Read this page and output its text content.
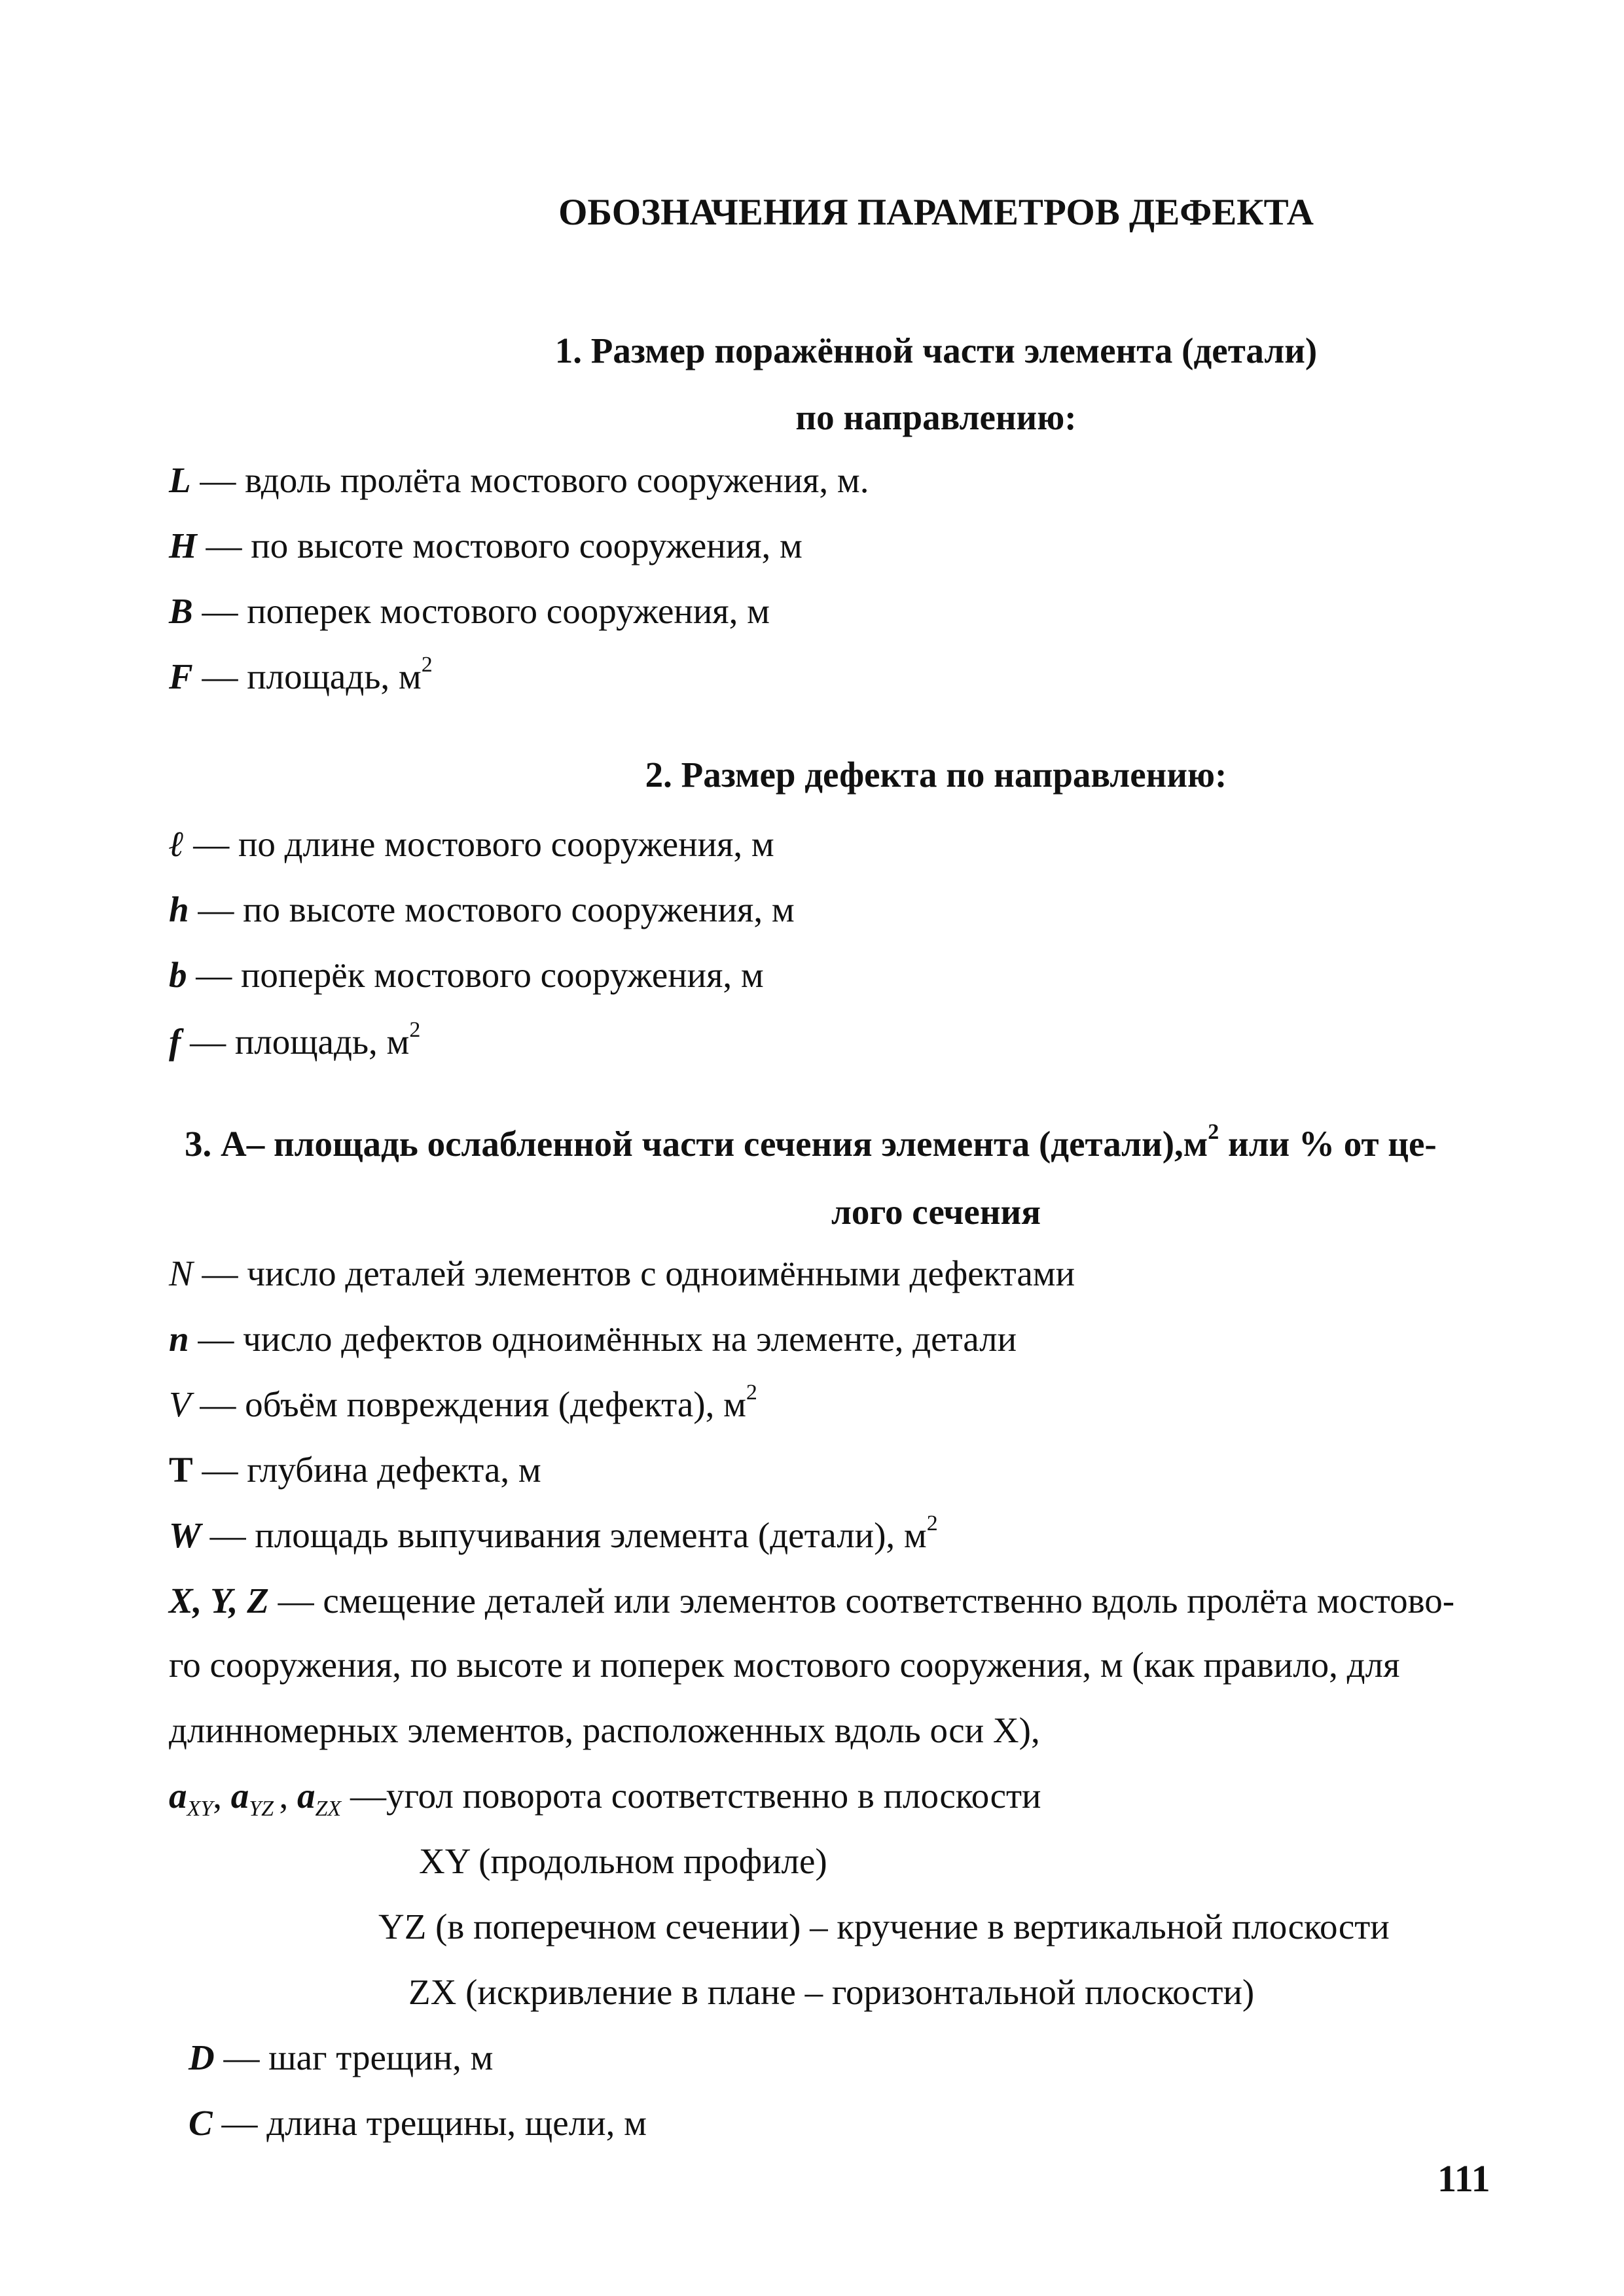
ОБОЗНАЧЕНИЯ ПАРАМЕТРОВ ДЕФЕКТА
1. Размер поражённой части элемента (детали)
по направлению:
L — вдоль пролёта мостового сооружения, м.
H — по высоте мостового сооружения, м
B — поперек мостового сооружения, м
F — площадь, $м^2$
2. Размер дефекта по направлению:
ℓ — по длине мостового сооружения, м
h — по высоте мостового сооружения, м
b — поперёк мостового сооружения, м
f — площадь, $м^2$
3. А– площадь ослабленной части сечения элемента $(детали),м^2$ или % от це-
лого сечения
N — число деталей элементов с одноимёнными дефектами
n — число дефектов одноимённых на элементе, детали
V — объём повреждения (дефекта), $м^2$
T — глубина дефекта, м
W — площадь выпучивания элемента (детали), $м^2$
X, Y, Z — смещение деталей или элементов соответственно вдоль пролёта мостово-
го сооружения, по высоте и поперек мостового сооружения, м (как правило, для
длинномерных элементов, расположенных вдоль оси Х),
$a_{XY}$, $a_{YZ}$ , $a_{ZX}$ —угол поворота соответственно в плоскости
XY (продольном профиле)
YZ (в поперечном сечении) – кручение в вертикальной плоскости
ZX (искривление в плане – горизонтальной плоскости)
D — шаг трещин, м
C — длина трещины, щели, м
111
